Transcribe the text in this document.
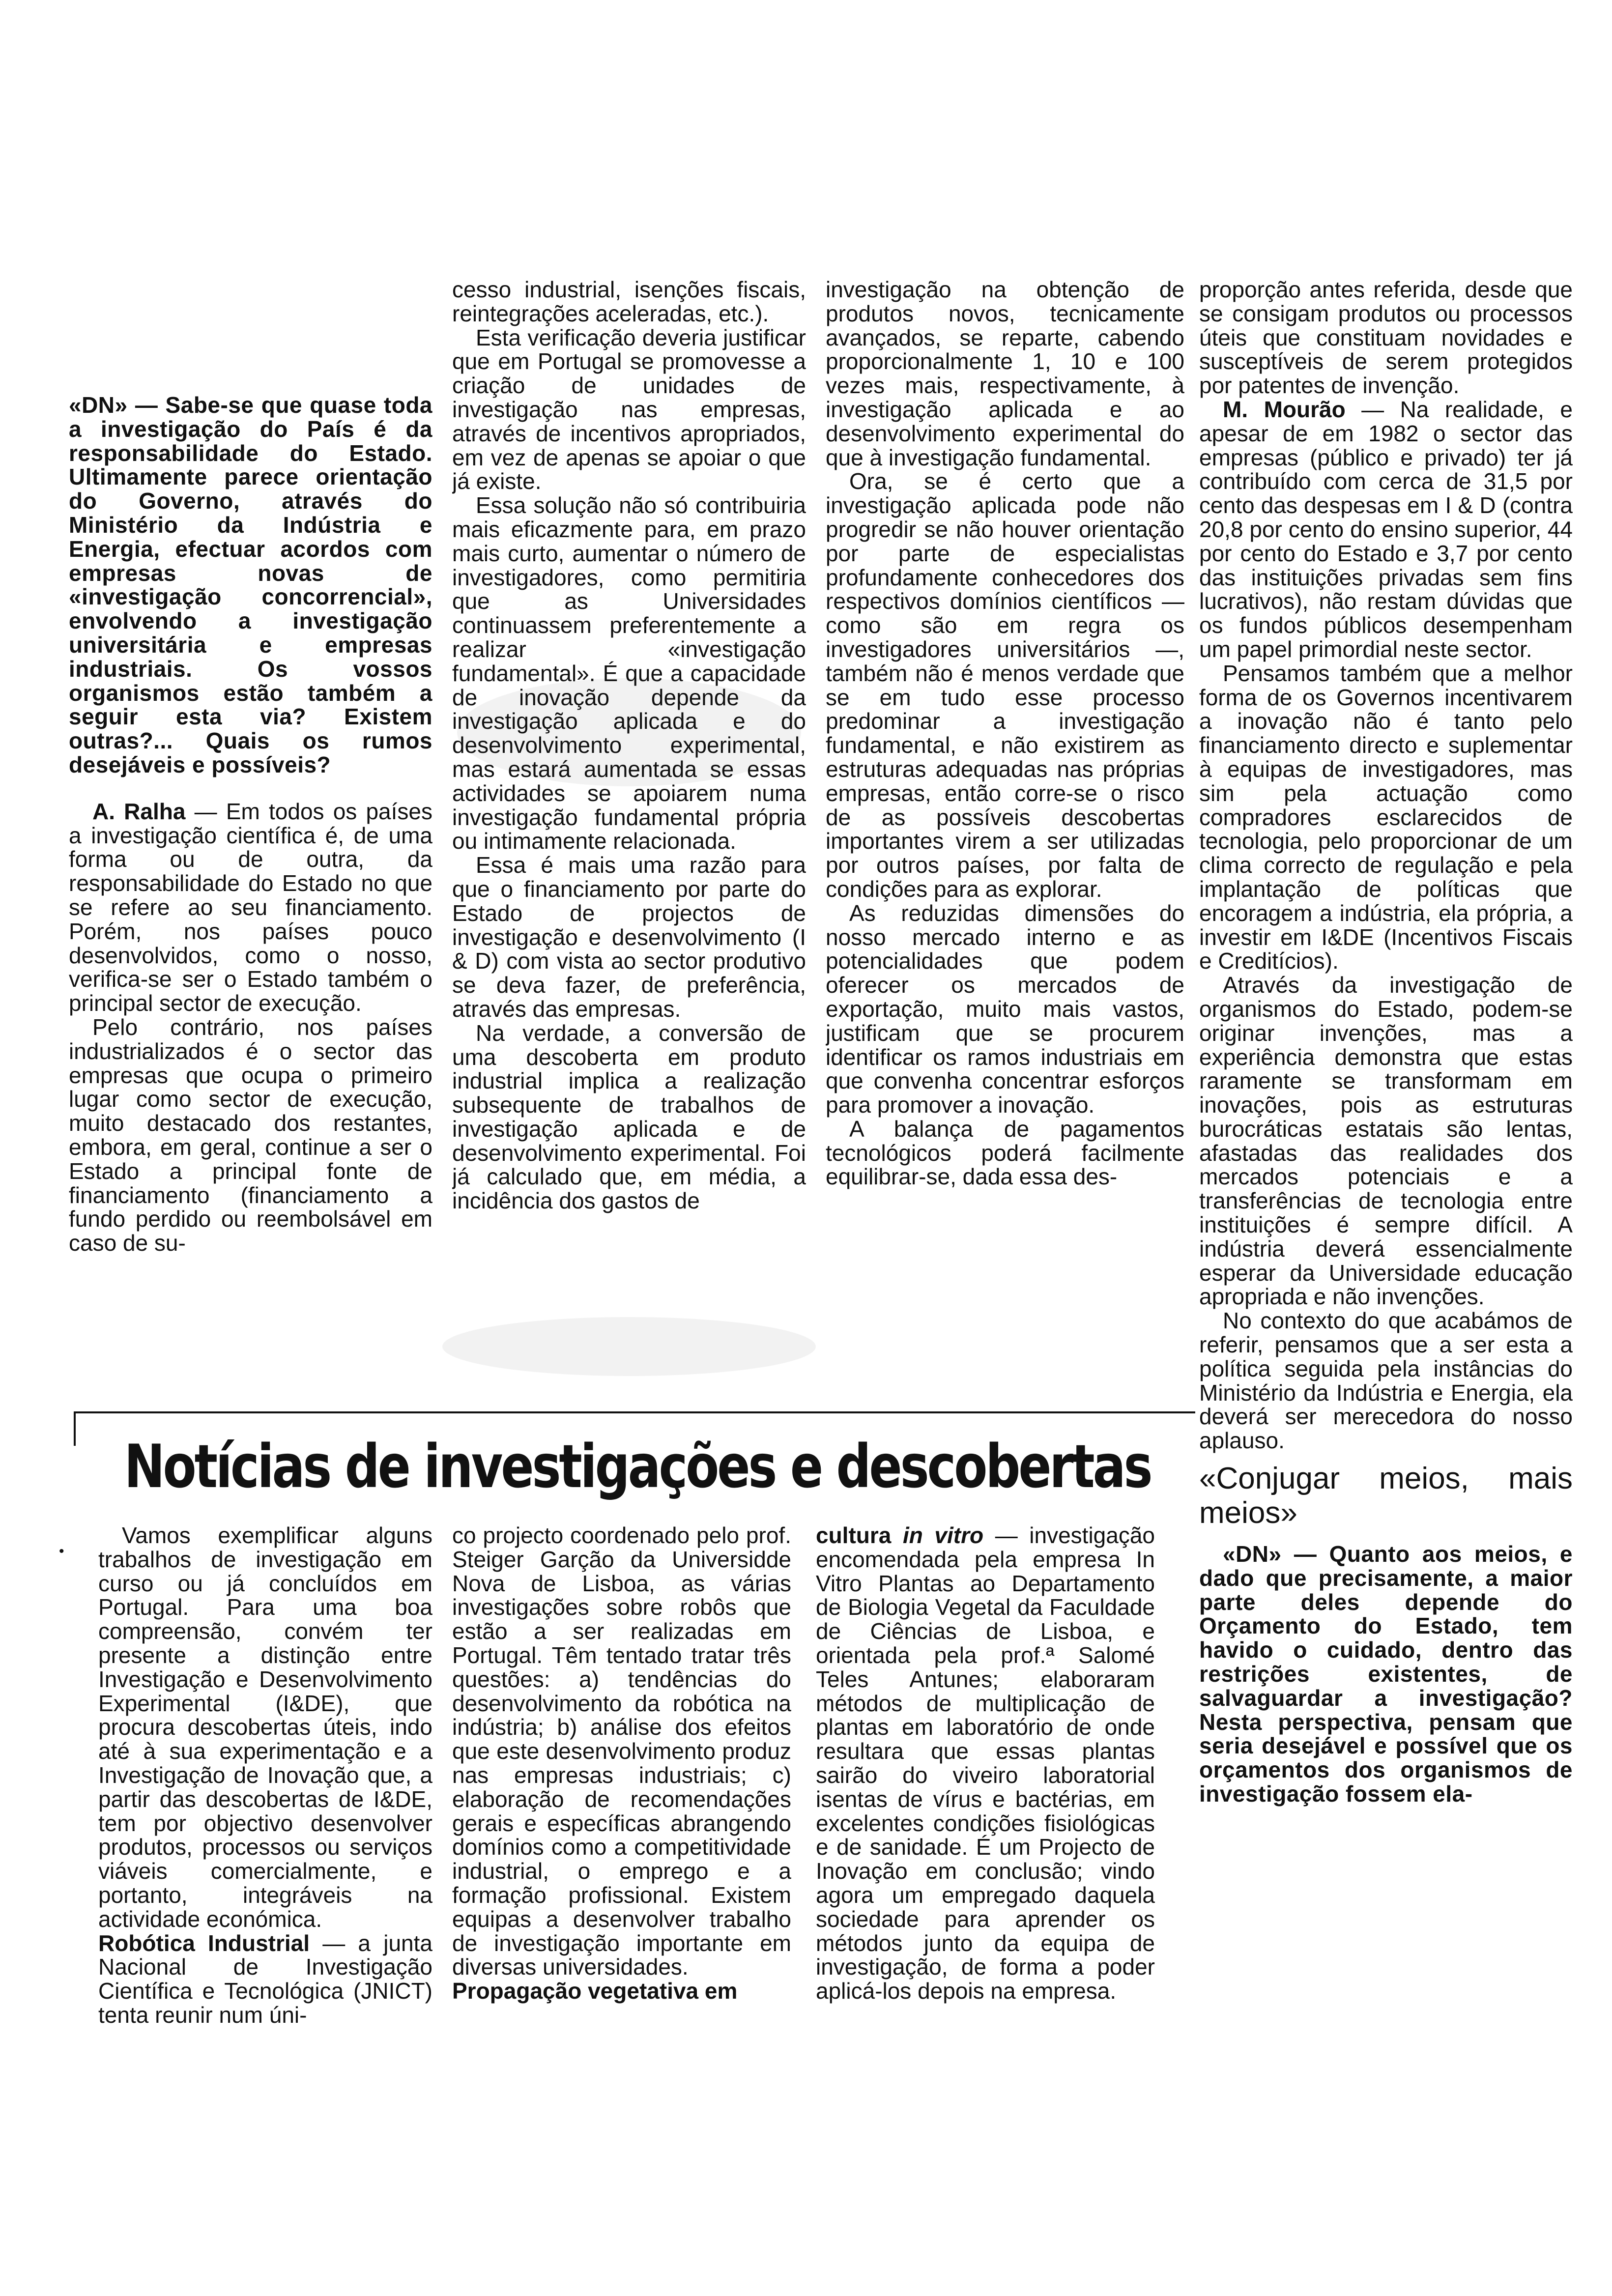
«DN» — Sabe-se que quase toda a investigação do País é da responsabilidade do Estado. Ultimamente parece orientação do Governo, através do Ministério da Indústria e Energia, efectuar acordos com empresas novas de «investigação concorrencial», envolvendo a investigação universitária e empresas industriais. Os vossos organismos estão também a seguir esta via? Existem outras?... Quais os rumos desejáveis e possíveis?

A. Ralha — Em todos os países a investigação científica é, de uma forma ou de outra, da responsabilidade do Estado no que se refere ao seu financiamento. Porém, nos países pouco desenvolvidos, como o nosso, verifica-se ser o Estado também o principal sector de execução.

Pelo contrário, nos países industrializados é o sector das empresas que ocupa o primeiro lugar como sector de execução, muito destacado dos restantes, embora, em geral, continue a ser o Estado a principal fonte de financiamento (financiamento a fundo perdido ou reembolsável em caso de su-

cesso industrial, isenções fiscais, reintegrações aceleradas, etc.).

Esta verificação deveria justificar que em Portugal se promovesse a criação de unidades de investigação nas empresas, através de incentivos apropriados, em vez de apenas se apoiar o que já existe.

Essa solução não só contribuiria mais eficazmente para, em prazo mais curto, aumentar o número de investigadores, como permitiria que as Universidades continuassem preferentemente a realizar «investigação fundamental». É que a capacidade de inovação depende da investigação aplicada e do desenvolvimento experimental, mas estará aumentada se essas actividades se apoiarem numa investigação fundamental própria ou intimamente relacionada.

Essa é mais uma razão para que o financiamento por parte do Estado de projectos de investigação e desenvolvimento (I & D) com vista ao sector produtivo se deva fazer, de preferência, através das empresas.

Na verdade, a conversão de uma descoberta em produto industrial implica a realização subsequente de trabalhos de investigação aplicada e de desenvolvimento experimental. Foi já calculado que, em média, a incidência dos gastos de

investigação na obtenção de produtos novos, tecnicamente avançados, se reparte, cabendo proporcionalmente 1, 10 e 100 vezes mais, respectivamente, à investigação aplicada e ao desenvolvimento experimental do que à investigação fundamental.

Ora, se é certo que a investigação aplicada pode não progredir se não houver orientação por parte de especialistas profundamente conhecedores dos respectivos domínios científicos — como são em regra os investigadores universitários —, também não é menos verdade que se em tudo esse processo predominar a investigação fundamental, e não existirem as estruturas adequadas nas próprias empresas, então corre-se o risco de as possíveis descobertas importantes virem a ser utilizadas por outros países, por falta de condições para as explorar.

As reduzidas dimensões do nosso mercado interno e as potencialidades que podem oferecer os mercados de exportação, muito mais vastos, justificam que se procurem identificar os ramos industriais em que convenha concentrar esforços para promover a inovação.

A balança de pagamentos tecnológicos poderá facilmente equilibrar-se, dada essa des-

proporção antes referida, desde que se consigam produtos ou processos úteis que constituam novidades e susceptíveis de serem protegidos por patentes de invenção.

M. Mourão — Na realidade, e apesar de em 1982 o sector das empresas (público e privado) ter já contribuído com cerca de 31,5 por cento das despesas em I & D (contra 20,8 por cento do ensino superior, 44 por cento do Estado e 3,7 por cento das instituições privadas sem fins lucrativos), não restam dúvidas que os fundos públicos desempenham um papel primordial neste sector.

Pensamos também que a melhor forma de os Governos incentivarem a inovação não é tanto pelo financiamento directo e suplementar à equipas de investigadores, mas sim pela actuação como compradores esclarecidos de tecnologia, pelo proporcionar de um clima correcto de regulação e pela implantação de políticas que encoragem a indústria, ela própria, a investir em I&DE (Incentivos Fiscais e Creditícios).

Através da investigação de organismos do Estado, podem-se originar invenções, mas a experiência demonstra que estas raramente se transformam em inovações, pois as estruturas burocráticas estatais são lentas, afastadas das realidades dos mercados potenciais e a transferências de tecnologia entre instituições é sempre difícil. A indústria deverá essencialmente esperar da Universidade educação apropriada e não invenções.

No contexto do que acabámos de referir, pensamos que a ser esta a política seguida pela instâncias do Ministério da Indústria e Energia, ela deverá ser merecedora do nosso aplauso.

«Conjugar meios, mais meios»

«DN» — Quanto aos meios, e dado que precisamente, a maior parte deles depende do Orçamento do Estado, tem havido o cuidado, dentro das restrições existentes, de salvaguardar a investigação? Nesta perspectiva, pensam que seria desejável e possível que os orçamentos dos organismos de investigação fossem ela-

Notícias de investigações e descobertas
•

Vamos exemplificar alguns trabalhos de investigação em curso ou já concluídos em Portugal. Para uma boa compreensão, convém ter presente a distinção entre Investigação e Desenvolvimento Experimental (I&DE), que procura descobertas úteis, indo até à sua experimentação e a Investigação de Inovação que, a partir das descobertas de I&DE, tem por objectivo desenvolver produtos, processos ou serviços viáveis comercialmente, e portanto, integráveis na actividade económica.

Robótica Industrial — a junta Nacional de Investigação Científica e Tecnológica (JNICT) tenta reunir num úni-

co projecto coordenado pelo prof. Steiger Garção da Universidde Nova de Lisboa, as várias investigações sobre robôs que estão a ser realizadas em Portugal. Têm tentado tratar três questões: a) tendências do desenvolvimento da robótica na indústria; b) análise dos efeitos que este desenvolvimento produz nas empresas industriais; c) elaboração de recomendações gerais e específicas abrangendo domínios como a competitividade industrial, o emprego e a formação profissional. Existem equipas a desenvolver trabalho de investigação importante em diversas universidades.

Propagação vegetativa em

cultura in vitro — investigação encomendada pela empresa In Vitro Plantas ao Departamento de Biologia Vegetal da Faculdade de Ciências de Lisboa, e orientada pela prof.ª Salomé Teles Antunes; elaboraram métodos de multiplicação de plantas em laboratório de onde resultara que essas plantas sairão do viveiro laboratorial isentas de vírus e bactérias, em excelentes condições fisiológicas e de sanidade. É um Projecto de Inovação em conclusão; vindo agora um empregado daquela sociedade para aprender os métodos junto da equipa de investigação, de forma a poder aplicá-los depois na empresa.
